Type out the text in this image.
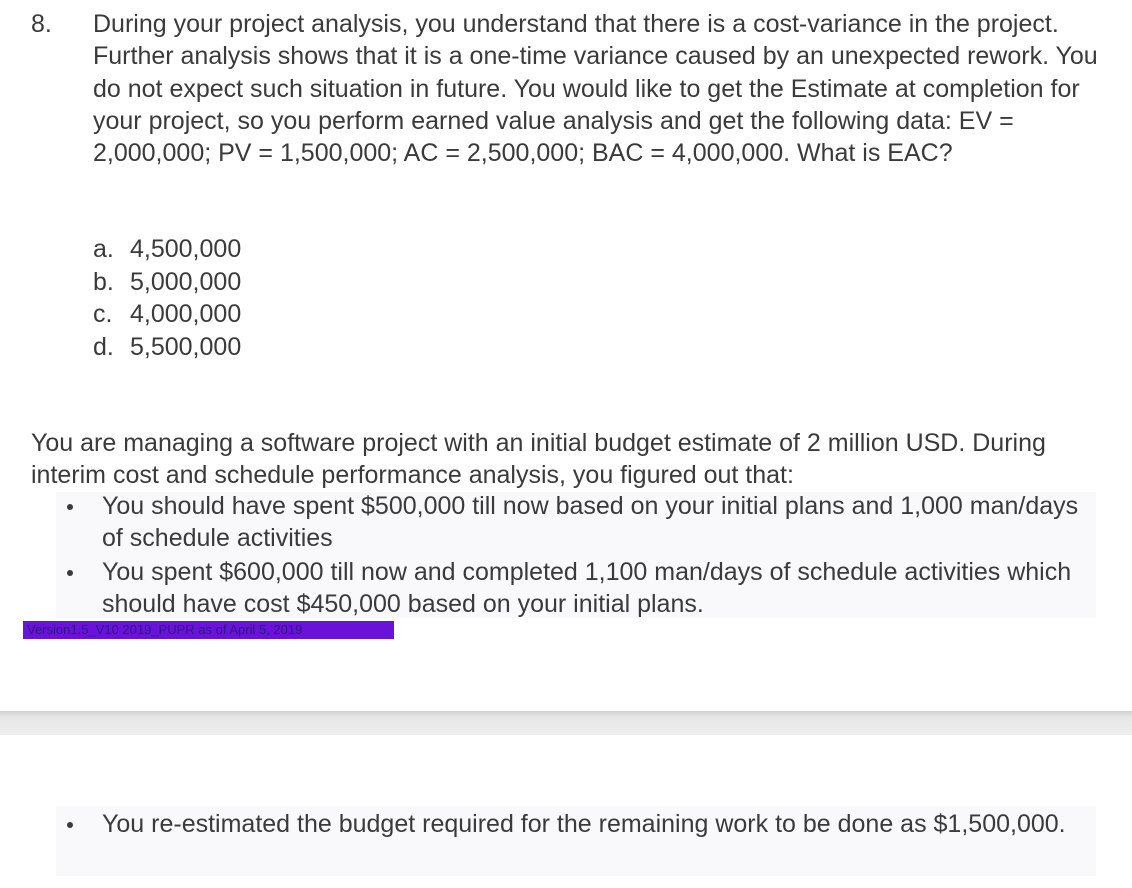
8. During your project analysis, you understand that there is a cost-variance in the project. Further analysis shows that it is a one-time variance caused by an unexpected rework. You do not expect such situation in future. You would like to get the Estimate at completion for your project, so you perform earned value analysis and get the following data: EV = 2,000,000; PV = 1,500,000; AC = 2,500,000; BAC = 4,000,000. What is EAC?

a. 4,500,000
b. 5,000,000
c. 4,000,000
d. 5,500,000

You are managing a software project with an initial budget estimate of 2 million USD. During interim cost and schedule performance analysis, you figured out that:

You should have spent $500,000 till now based on your initial plans and 1,000 man/days of schedule activities
You spent $600,000 till now and completed 1,100 man/days of schedule activities which should have cost $450,000 based on your initial plans.
Version1.5_V10 2019_PUPR as of April 5, 2019
You re-estimated the budget required for the remaining work to be done as $1,500,000.
